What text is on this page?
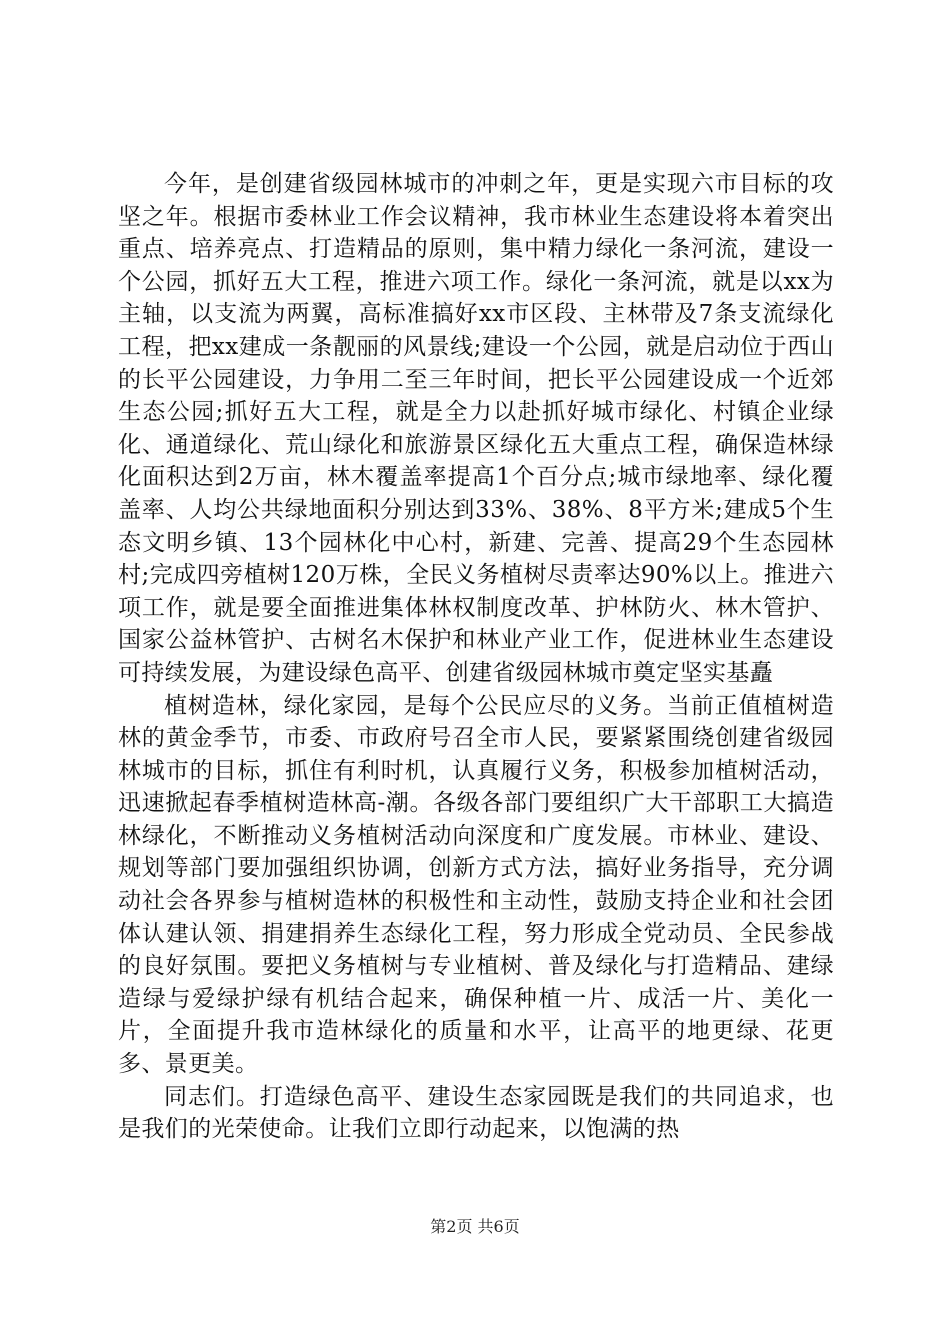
今年，是创建省级园林城市的冲刺之年，更是实现六市目标的攻坚之年。根据市委林业工作会议精神，我市林业生态建设将本着突出重点、培养亮点、打造精品的原则，集中精力绿化一条河流，建设一个公园，抓好五大工程，推进六项工作。绿化一条河流，就是以xx为主轴，以支流为两翼，高标准搞好xx市区段、主林带及7条支流绿化工程，把xx建成一条靓丽的风景线;建设一个公园，就是启动位于西山的长平公园建设，力争用二至三年时间，把长平公园建设成一个近郊生态公园;抓好五大工程，就是全力以赴抓好城市绿化、村镇企业绿化、通道绿化、荒山绿化和旅游景区绿化五大重点工程，确保造林绿化面积达到2万亩，林木覆盖率提高1个百分点;城市绿地率、绿化覆盖率、人均公共绿地面积分别达到33%、38%、8平方米;建成5个生态文明乡镇、13个园林化中心村，新建、完善、提高29个生态园林村;完成四旁植树120万株，全民义务植树尽责率达90%以上。推进六项工作，就是要全面推进集体林权制度改革、护林防火、林木管护、国家公益林管护、古树名木保护和林业产业工作，促进林业生态建设可持续发展，为建设绿色高平、创建省级园林城市奠定坚实基矗

植树造林，绿化家园，是每个公民应尽的义务。当前正值植树造林的黄金季节，市委、市政府号召全市人民，要紧紧围绕创建省级园林城市的目标，抓住有利时机，认真履行义务，积极参加植树活动，迅速掀起春季植树造林高-潮。各级各部门要组织广大干部职工大搞造林绿化，不断推动义务植树活动向深度和广度发展。市林业、建设、规划等部门要加强组织协调，创新方式方法，搞好业务指导，充分调动社会各界参与植树造林的积极性和主动性，鼓励支持企业和社会团体认建认领、捐建捐养生态绿化工程，努力形成全党动员、全民参战的良好氛围。要把义务植树与专业植树、普及绿化与打造精品、建绿造绿与爱绿护绿有机结合起来，确保种植一片、成活一片、美化一片，全面提升我市造林绿化的质量和水平，让高平的地更绿、花更多、景更美。

同志们。打造绿色高平、建设生态家园既是我们的共同追求，也是我们的光荣使命。让我们立即行动起来，以饱满的热

第2页 共6页
